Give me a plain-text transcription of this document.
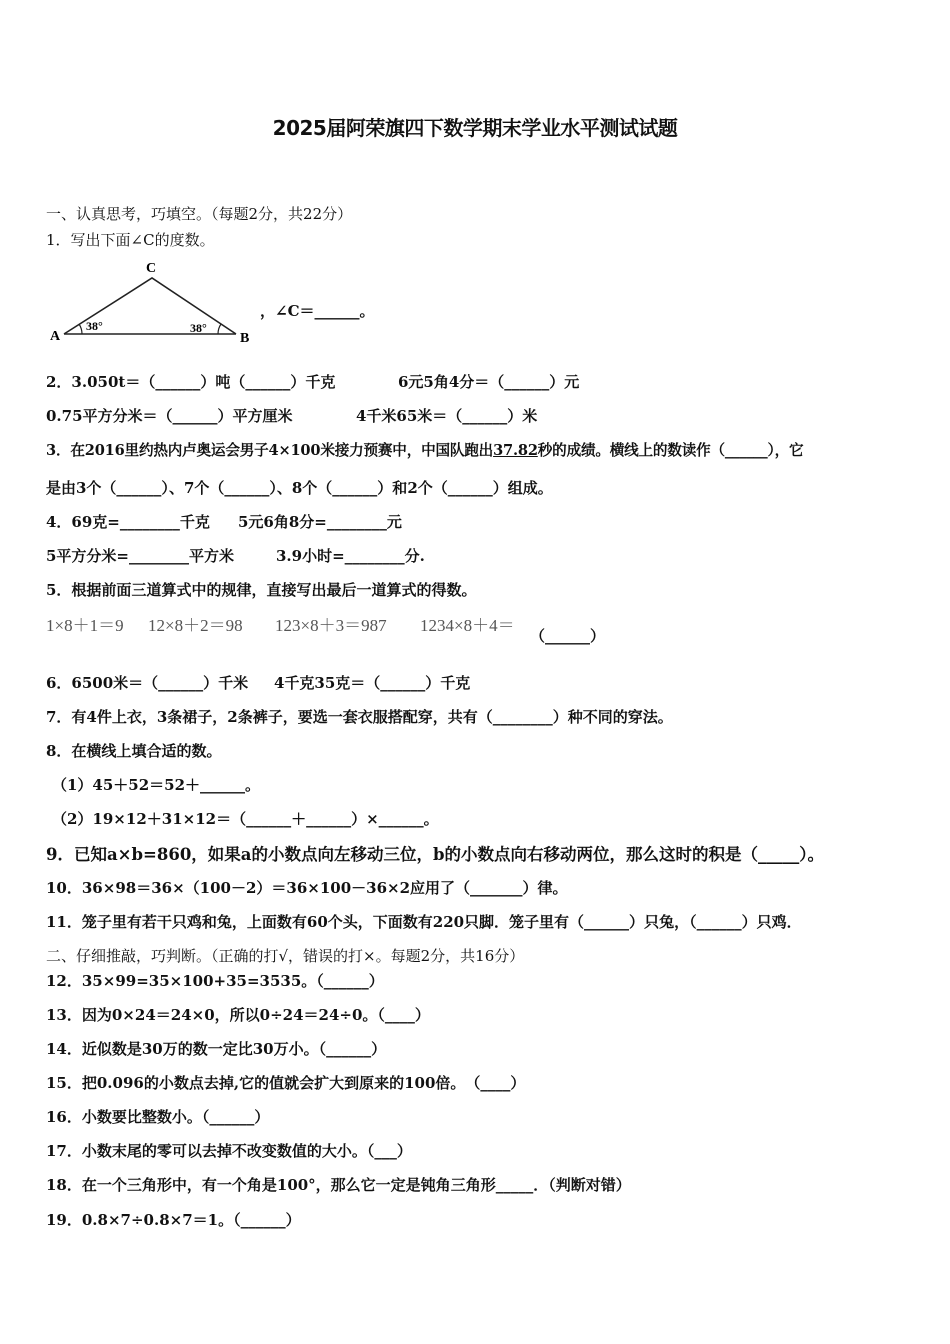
2025届阿荣旗四下数学期末学业水平测试试题
一、认真思考，巧填空。（每题2分，共22分）
1．写出下面∠C的度数。
C
A	B
38°	38°
，∠C＝______。
2．3.050t＝（______）吨（______）千克	6元5角4分＝（______）元
0.75平方分米＝（______）平方厘米	4千米65米＝（______）米
3．在2016里约热内卢奥运会男子4×100米接力预赛中，中国队跑出37.82秒的成绩。横线上的数读作（______），它
是由3个（______）、7个（______）、8个（______）和2个（______）组成。
4．69克=________千克 5元6角8分=________元
5平方分米=________平方米	3.9小时=________分.
5．根据前面三道算式中的规律，直接写出最后一道算式的得数。
1×8＋1＝9 12×8＋2＝98 123×8＋3＝987 1234×8＋4＝
（______）
6．6500米＝（______）千米 4千克35克＝（______）千克
7．有4件上衣，3条裙子，2条裤子，要选一套衣服搭配穿，共有（________）种不同的穿法。
8．在横线上填合适的数。
（1）45＋52＝52＋______。
（2）19×12＋31×12＝（______＋______）×______。
9．已知a×b=860，如果a的小数点向左移动三位，b的小数点向右移动两位，那么这时的积是（_____）。
10．36×98＝36×（100－2）＝36×100－36×2应用了（_______）律。
11．笼子里有若干只鸡和兔，上面数有60个头，下面数有220只脚．笼子里有（______）只兔，（______）只鸡．
二、仔细推敲，巧判断。（正确的打√，错误的打×。每题2分，共16分）
12．35×99=35×100+35=3535。（______）
13．因为0×24＝24×0，所以0÷24＝24÷0。（____）
14．近似数是30万的数一定比30万小。（______）
15．把0.096的小数点去掉,它的值就会扩大到原来的100倍。　（____）
16．小数要比整数小。（______）
17．小数末尾的零可以去掉不改变数值的大小。（___）
18．在一个三角形中，有一个角是100°，那么它一定是钝角三角形_____．（判断对错）
19．0.8×7÷0.8×7＝1。（______）
